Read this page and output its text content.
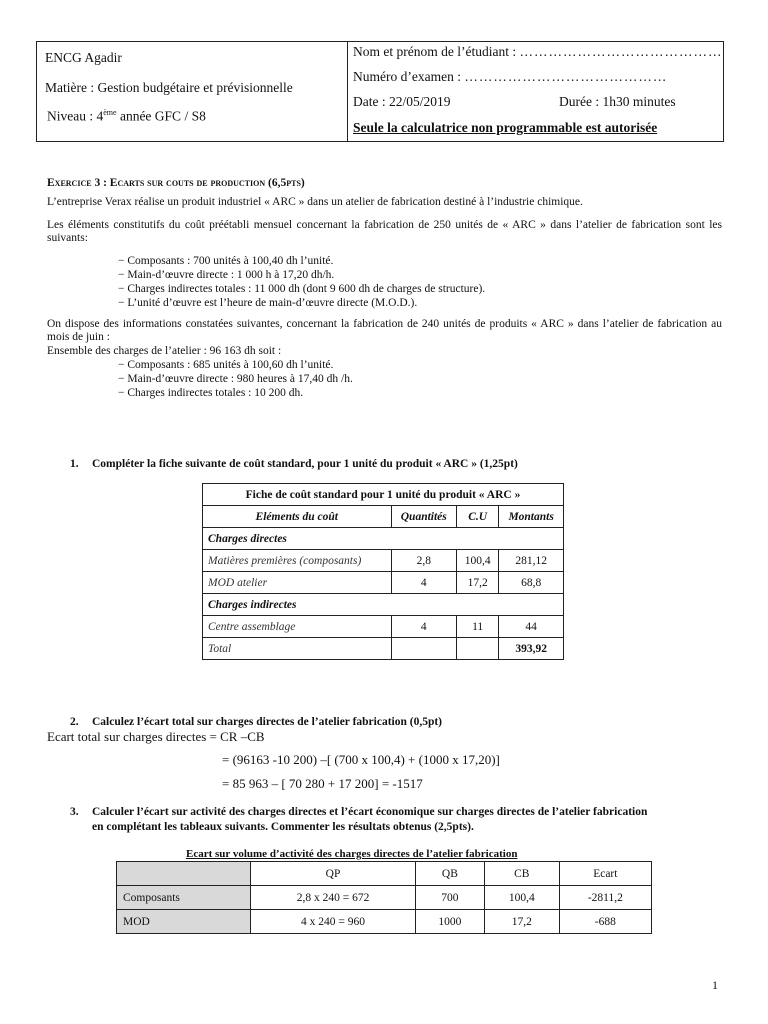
ENCG Agadir
Matière : Gestion budgétaire et prévisionnelle
Niveau : 4ème année GFC / S8
Nom et prénom de l’étudiant : ……………………………………
Numéro d’examen : ……………………………………
Date : 22/05/2019	Durée : 1h30 minutes
Seule la calculatrice non programmable est autorisée
Exercice 3 : Ecarts sur couts de production (6,5pts)
L’entreprise Verax réalise un produit industriel « ARC » dans un atelier de fabrication destiné à l’industrie chimique.
Les éléments constitutifs du coût préétabli mensuel concernant la fabrication de 250 unités de « ARC » dans l’atelier de fabrication sont les suivants:
− Composants : 700 unités à 100,40 dh l’unité.
− Main-d’œuvre directe : 1 000 h à 17,20 dh/h.
− Charges indirectes totales : 11 000 dh (dont 9 600 dh de charges de structure).
− L’unité d’œuvre est l’heure de main-d’œuvre directe (M.O.D.).
On dispose des informations constatées suivantes, concernant la fabrication de 240 unités de produits « ARC » dans l’atelier de fabrication au mois de juin :
Ensemble des charges de l’atelier : 96 163 dh soit :
− Composants : 685 unités à 100,60 dh l’unité.
− Main-d’œuvre directe : 980 heures à 17,40 dh /h.
− Charges indirectes totales : 10 200 dh.
1. Compléter la fiche suivante de coût standard, pour 1 unité du produit « ARC » (1,25pt)
Fiche de coût standard pour 1 unité du produit « ARC »			
Eléments du coût	Quantités	C.U	Montants
Charges directes			
Matières premières (composants)	2,8	100,4	281,12
MOD atelier	4	17,2	68,8
Charges indirectes			
Centre assemblage	4	11	44
Total			393,92
2. Calculez l’écart total sur charges directes de l’atelier fabrication (0,5pt)
Ecart total sur charges directes = CR –CB
= (96163 -10 200) –[ (700 x 100,4) + (1000 x 17,20)]
= 85 963 – [ 70 280 + 17 200] = -1517
3. Calculer l’écart sur activité des charges directes et l’écart économique sur charges directes de l’atelier fabrication
en complétant les tableaux suivants. Commenter les résultats obtenus (2,5pts).
Ecart sur volume d’activité des charges directes de l’atelier fabrication
	QP	QB	CB	Ecart
Composants	2,8 x 240 = 672	700	100,4	-2811,2
MOD	4 x 240 = 960	1000	17,2	-688
1
